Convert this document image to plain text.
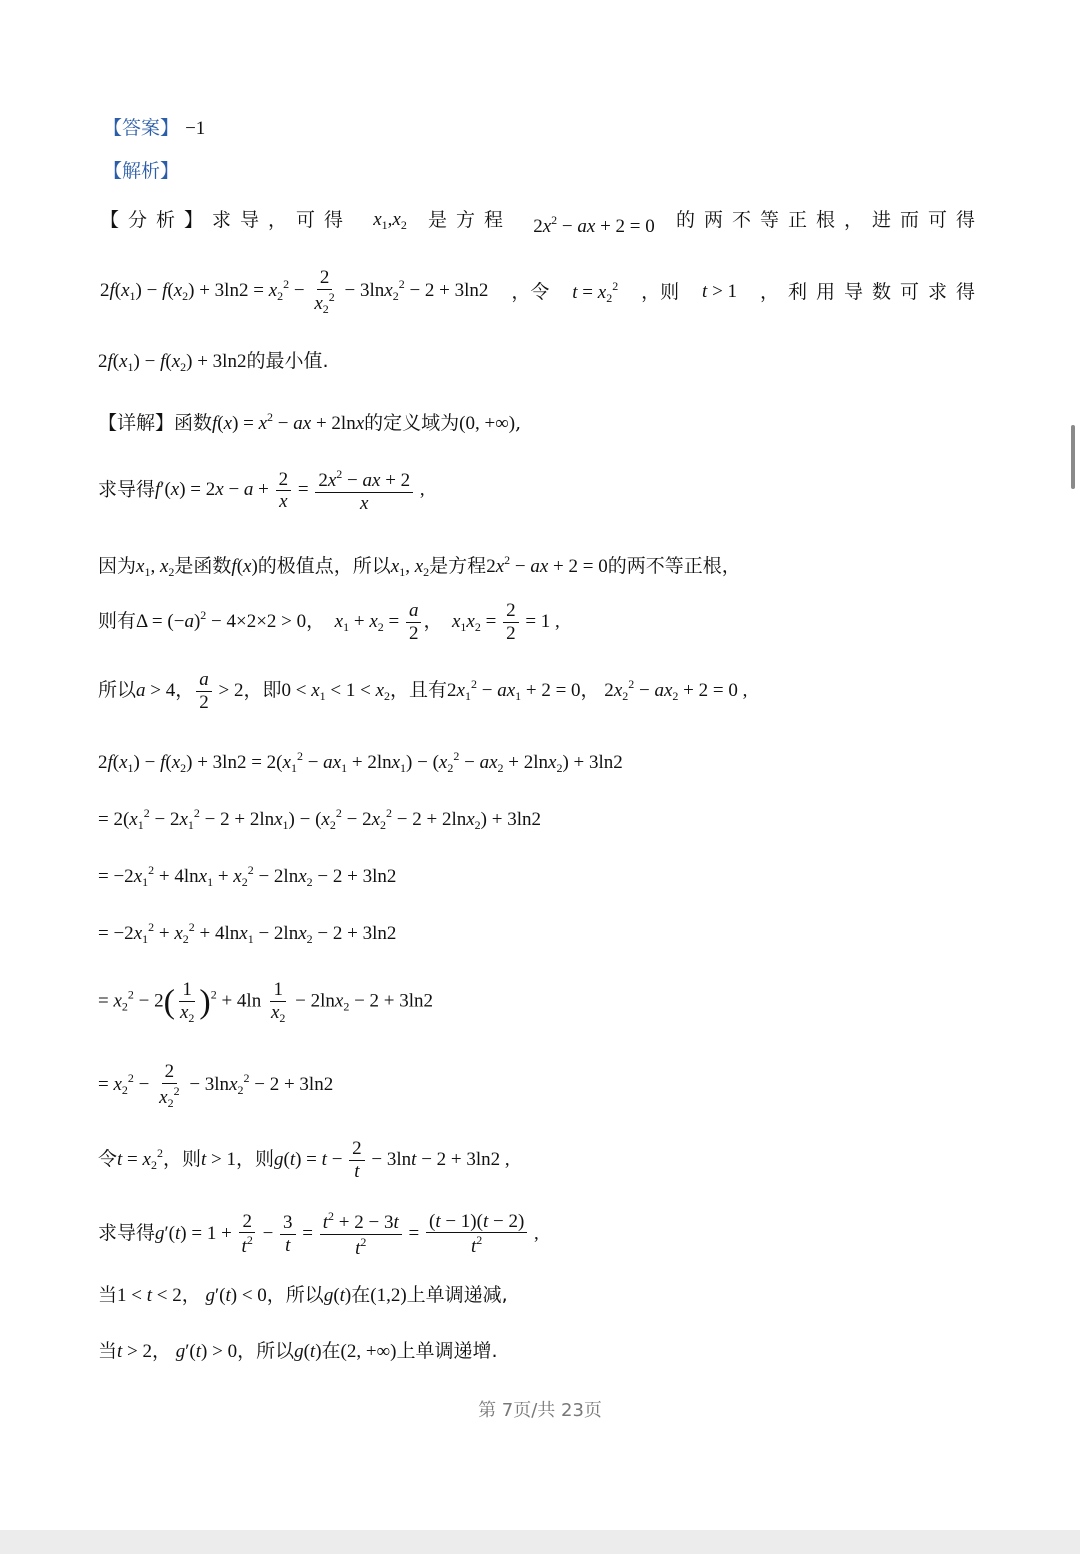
【答案】 −1
【解析】
【分析】求导，可得 $x_1,x_2$ 是方程 $2x^2$ − ax + 2 = 0 的两不等正根，进而可得
$2f(x_1) - f(x_2) + 3\ln 2 = x_2^2 - \frac{2}{x_2^2} - 3\ln x_2^2 - 2 + 3\ln 2$ ，令 $t = x_2^2$ ，则 t > 1 ，利用导数可求得
$2f(x_1) - f(x_2) + 3\ln 2$的最小值.
【详解】函数$f(x) = x^2$ − ax + 2lnx的定义域为(0, +∞),
求导得$f'(x) = 2x - a + \frac{2}{x} = \frac{2x^2 - ax + 2}{x}$ ,
因为$x_1$, $x_2$是函数f(x)的极值点，所以$x_1$, $x_2$是方程$2x^2$ − ax + 2 = 0的两不等正根，
则有$\Delta = (-a)^2 - 4\times 2\times 2 > 0$，  $x_1 + x_2 = \frac{a}{2}$ ，  $x_1x_2 = \frac{2}{2} = 1$ ,
所以a > 4， $\frac{a}{2} > 2$，即$0 < x_1 < 1 < x_2$，且有$2x_1^2 - ax_1 + 2 = 0$， $2x_2^2 - ax_2 + 2 = 0$ ,
$2f(x_1) - f(x_2) + 3\ln 2 = 2(x_1^2 - ax_1 + 2\ln x_1) - (x_2^2 - ax_2 + 2\ln x_2) + 3\ln 2$
= $2(x_1^2 - 2x_1^2 - 2 + 2\ln x_1) - (x_2^2 - 2x_2^2 - 2 + 2\ln x_2) + 3\ln 2$
= $-2x_1^2 + 4\ln x_1 + x_2^2 - 2\ln x_2 - 2 + 3\ln 2$
= $-2x_1^2 + x_2^2 + 4\ln x_1 - 2\ln x_2 - 2 + 3\ln 2$
= $x_2^2 - 2( \frac{1}{x_2} )^2 + 4\ln \frac{1}{x_2} - 2\ln x_2 - 2 + 3\ln 2$
= $x_2^2 - \frac{2}{x_2^2} - 3\ln x_2^2 - 2 + 3\ln 2$
令$t = x_2^2$，则t > 1，则$g(t) = t - \frac{2}{t} - 3\ln t - 2 + 3\ln 2$ ,
求导得$g'(t) = 1 + \frac{2}{t^2} - \frac{3}{t} = \frac{t^2 + 2 - 3t}{t^2} = \frac{(t - 1)(t - 2)}{t^2}$ ,
当1 < t < 2， g′(t) < 0，所以g(t)在(1,2)上单调递减,
当t > 2， g′(t) > 0，所以g(t)在(2, +∞)上单调递增.
第 7页/共 23页
